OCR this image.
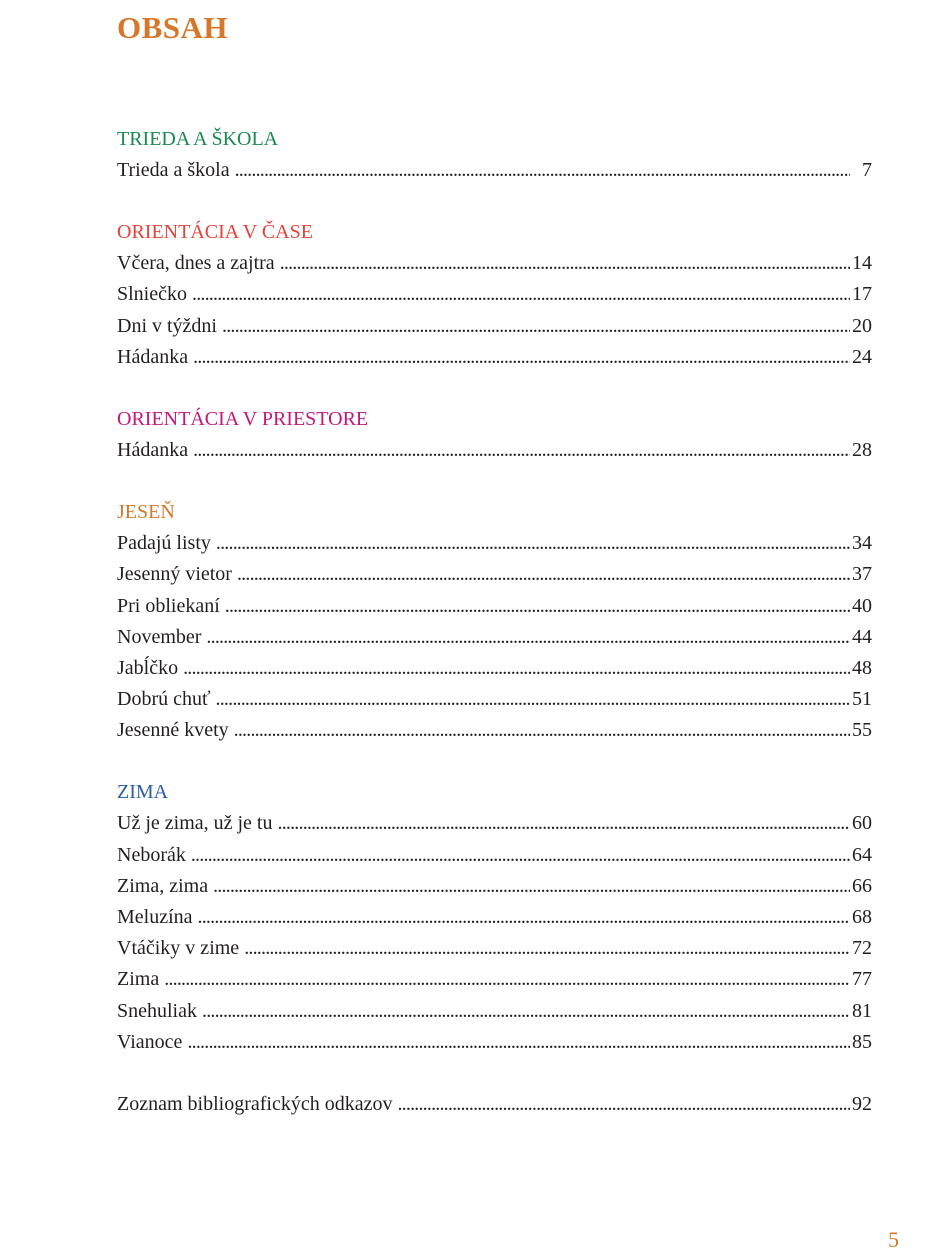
OBSAH
TRIEDA A ŠKOLA
Trieda a škola . . .	7
ORIENTÁCIA V ČASE
Včera, dnes a zajtra . . .	14
Slniečko . . .	17
Dni v týždni . . .	20
Hádanka . . .	24
ORIENTÁCIA V PRIESTORE
Hádanka . . .	28
JESEŇ
Padajú listy . . .	34
Jesenný vietor . . .	37
Pri obliekaní . . .	40
November . . .	44
Jabĺčko . . .	48
Dobrú chuť . . .	51
Jesenné kvety . . .	55
ZIMA
Už je zima, už je tu . . .	60
Neborák . . .	64
Zima, zima . . .	66
Meluzína . . .	68
Vtáčiky v zime . . .	72
Zima . . .	77
Snehuliak . . .	81
Vianoce . . .	85
Zoznam bibliografických odkazov . . .	92
5
